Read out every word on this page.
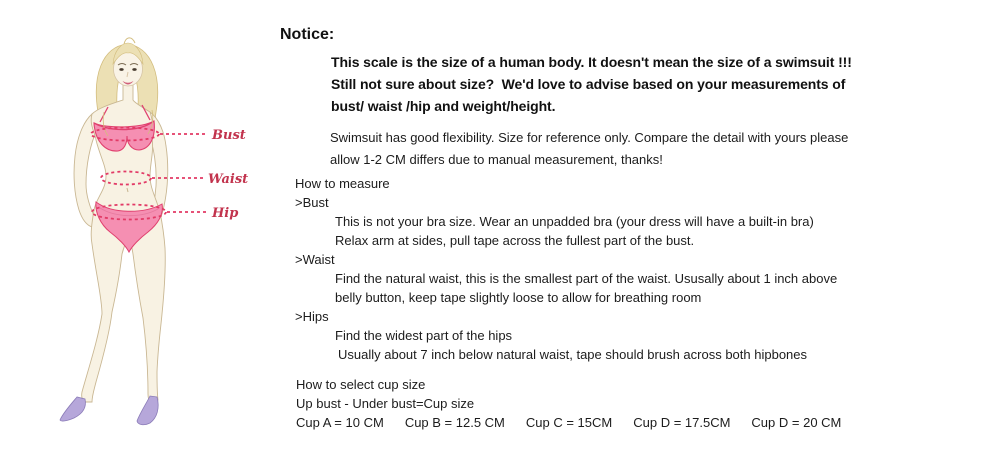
Bust
Waist
Hip
Notice:
This scale is the size of a human body. It doesn't mean the size of a swimsuit !!!
Still not sure about size?  We'd love to advise based on your measurements of
bust/ waist /hip and weight/height.
Swimsuit has good flexibility. Size for reference only. Compare the detail with yours please
allow 1-2 CM differs due to manual measurement, thanks!
How to measure
>Bust
This is not your bra size. Wear an unpadded bra (your dress will have a built-in bra)
Relax arm at sides, pull tape across the fullest part of the bust.
>Waist
Find the natural waist, this is the smallest part of the waist. Ususally about 1 inch above
belly button, keep tape slightly loose to allow for breathing room
>Hips
Find the widest part of the hips
Usually about 7 inch below natural waist, tape should brush across both hipbones
How to select cup size
Up bust - Under bust=Cup size
Cup A = 10 CM Cup B = 12.5 CM Cup C = 15CM Cup D = 17.5CM Cup D = 20 CM
